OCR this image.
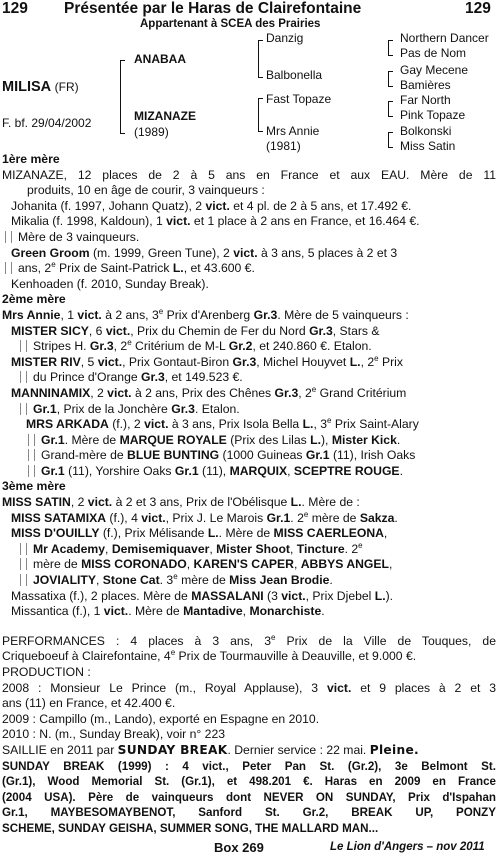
129 Présentée par le Haras de Clairefontaine	129
Appartenant à SCEA des Prairies
MILISA (FR)
F. bf. 29/04/2002
ANABAA
MIZANAZE
(1989)
Danzig
Balbonella
Fast Topaze
Mrs Annie
(1981)
Northern Dancer
Pas de Nom
Gay Mecene
Bamières
Far North
Pink Topaze
Bolkonski
Miss Satin
1ère mère
MIZANAZE, 12 places de 2 à 5 ans en France et aux EAU. Mère de 11
produits, 10 en âge de courir, 3 vainqueurs :
Johanita (f. 1997, Johann Quatz), 2 vict. et 4 pl. de 2 à 5 ans, et 17.492 €.
Mikalia (f. 1998, Kaldoun), 1 vict. et 1 place à 2 ans en France, et 16.464 €.
Mère de 3 vainqueurs.
Green Groom (m. 1999, Green Tune), 2 vict. à 3 ans, 5 places à 2 et 3
ans, 2e Prix de Saint-Patrick L., et 43.600 €.
Kenhoaden (f. 2010, Sunday Break).
2ème mère
Mrs Annie, 1 vict. à 2 ans, 3e Prix d'Arenberg Gr.3. Mère de 5 vainqueurs :
MISTER SICY, 6 vict., Prix du Chemin de Fer du Nord Gr.3, Stars &
Stripes H. Gr.3, 2e Critérium de M-L Gr.2, et 240.860 €. Etalon.
MISTER RIV, 5 vict., Prix Gontaut-Biron Gr.3, Michel Houyvet L., 2e Prix
du Prince d'Orange Gr.3, et 149.523 €.
MANNINAMIX, 2 vict. à 2 ans, Prix des Chênes Gr.3, 2e Grand Critérium
Gr.1, Prix de la Jonchère Gr.3. Etalon.
MRS ARKADA (f.), 2 vict. à 3 ans, Prix Isola Bella L., 3e Prix Saint-Alary
Gr.1. Mère de MARQUE ROYALE (Prix des Lilas L.), Mister Kick.
Grand-mère de BLUE BUNTING (1000 Guineas Gr.1 (11), Irish Oaks
Gr.1 (11), Yorshire Oaks Gr.1 (11), MARQUIX, SCEPTRE ROUGE.
3ème mère
MISS SATIN, 2 vict. à 2 et 3 ans, Prix de l'Obélisque L.. Mère de :
MISS SATAMIXA (f.), 4 vict., Prix J. Le Marois Gr.1. 2e mère de Sakza.
MISS D'OUILLY (f.), Prix Mélisande L.. Mère de MISS CAERLEONA,
Mr Academy, Demisemiquaver, Mister Shoot, Tincture. 2e
mère de MISS CORONADO, KAREN'S CAPER, ABBYS ANGEL,
JOVIALITY, Stone Cat. 3e mère de Miss Jean Brodie.
Massatixa (f.), 2 places. Mère de MASSALANI (3 vict., Prix Djebel L.).
Missantica (f.), 1 vict.. Mère de Mantadive, Monarchiste.
PERFORMANCES : 4 places à 3 ans, 3e Prix de la Ville de Touques, de
Criqueboeuf à Clairefontaine, 4e Prix de Tourmauville à Deauville, et 9.000 €.
PRODUCTION :
2008 : Monsieur Le Prince (m., Royal Applause), 3 vict. et 9 places à 2 et 3
ans (11) en France, et 42.400 €.
2009 : Campillo (m., Lando), exporté en Espagne en 2010.
2010 : N. (m., Sunday Break), voir n° 223
SAILLIE en 2011 par SUNDAY BREAK. Dernier service : 22 mai. Pleine.
SUNDAY BREAK (1999) : 4 vict., Peter Pan St. (Gr.2), 3e Belmont St.
(Gr.1), Wood Memorial St. (Gr.1), et 498.201 €. Haras en 2009 en France
(2004 USA). Père de vainqueurs dont NEVER ON SUNDAY, Prix d'Ispahan
Gr.1, MAYBESOMAYBENOT, Sanford St. Gr.2, BREAK UP, PONZY
SCHEME, SUNDAY GEISHA, SUMMER SONG, THE MALLARD MAN...
Box 269	Le Lion d'Angers – nov 2011
